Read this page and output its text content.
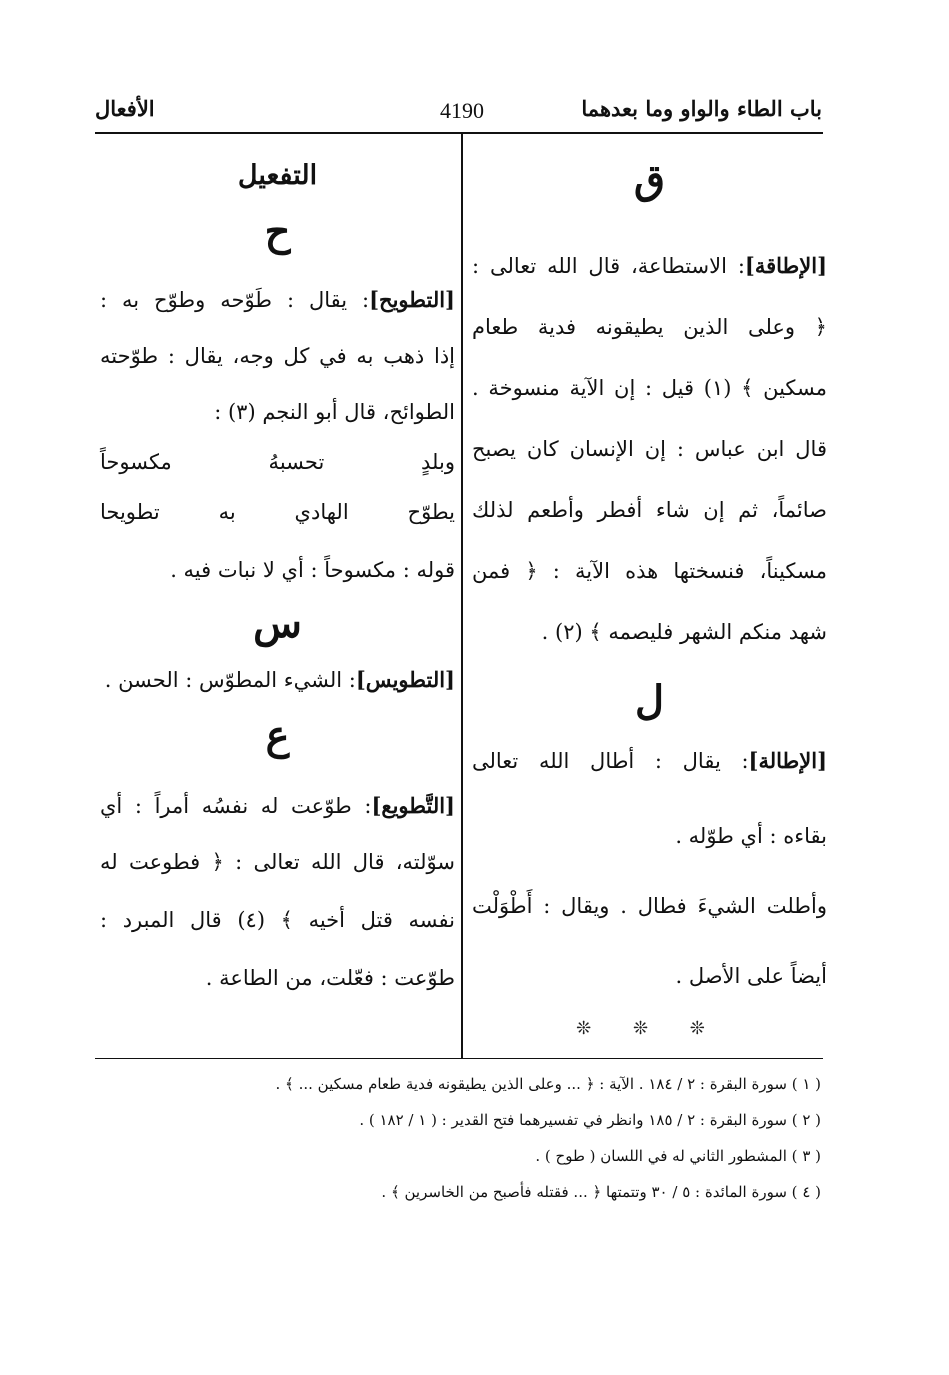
باب الطاء والواو وما بعدهما
4190
الأفعال
ق
[الإطاقة]: الاستطاعة، قال الله تعالى :
﴿ وعلى الذين يطيقونه فدية طعام
مسكين ﴾ (١) قيل : إن الآية منسوخة .
قال ابن عباس : إن الإنسان كان يصبح
صائماً، ثم إن شاء أفطر وأطعم لذلك
مسكيناً، فنسختها هذه الآية : ﴿ فمن
شهد منكم الشهر فليصمه ﴾ (٢) .
ل
[الإطالة]: يقال : أطال الله تعالى
بقاءه : أي طوّله .
وأطلت الشيءَ فطال . ويقال : أَطْوَلْت
أيضاً على الأصل .
❊ ❊ ❊
التفعيل
ح
[التطويح]: يقال : طَوّحه وطوّح به :
إذا ذهب به في كل وجه، يقال : طوّحته
الطوائح، قال أبو النجم (٣) :
وبلدٍ تحسبهُ مكسوحاً
يطوّح الهادي به تطويحا
قوله : مكسوحاً : أي لا نبات فيه .
س
[التطويس]: الشيء المطوّس : الحسن .
ع
[التَّطويع]: طوّعت له نفسُه أمراً : أي
سوّلته، قال الله تعالى : ﴿ فطوعت له
نفسه قتل أخيه ﴾ (٤) قال المبرد :
طوّعت : فعّلت، من الطاعة .
( ١ ) سورة البقرة : ٢ / ١٨٤ . الآية : ﴿ ... وعلى الذين يطيقونه فدية طعام مسكين ... ﴾ .
( ٢ ) سورة البقرة : ٢ / ١٨٥ وانظر في تفسيرهما فتح القدير : ( ١ / ١٨٢ ) .
( ٣ ) المشطور الثاني له في اللسان ( طوح ) .
( ٤ ) سورة المائدة : ٥ / ٣٠ وتتمتها ﴿ ... فقتله فأصبح من الخاسرين ﴾ .
